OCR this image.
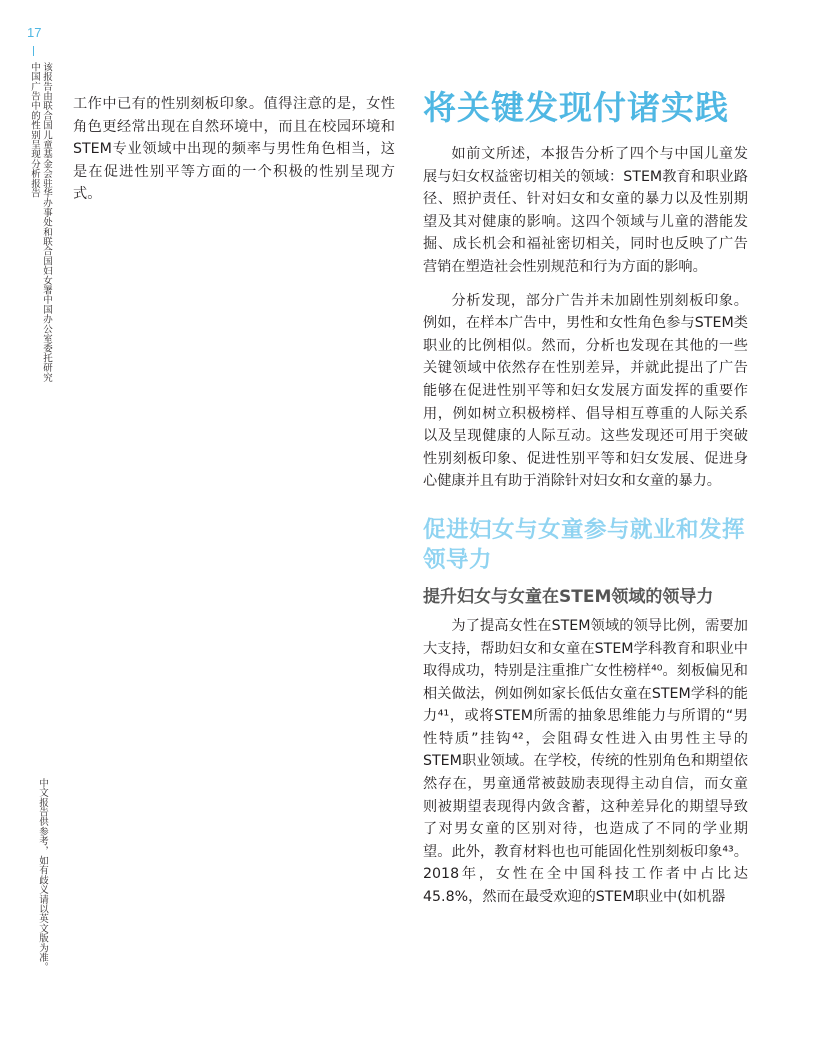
17
中国广告中的性别呈现分析报告 该报告由联合国儿童基金会驻华办事处和联合国妇女署中国办公室委托研究
中文报告供参考，如有歧义请以英文版为准。

工作中已有的性别刻板印象。值得注意的是，女性角色更经常出现在自然环境中，而且在校园环境和STEM专业领域中出现的频率与男性角色相当，这是在促进性别平等方面的一个积极的性别呈现方式。

将关键发现付诸实践

如前文所述，本报告分析了四个与中国儿童发展与妇女权益密切相关的领域：STEM教育和职业路径、照护责任、针对妇女和女童的暴力以及性别期望及其对健康的影响。这四个领域与儿童的潜能发掘、成长机会和福祉密切相关，同时也反映了广告营销在塑造社会性别规范和行为方面的影响。

分析发现，部分广告并未加剧性别刻板印象。例如，在样本广告中，男性和女性角色参与STEM类职业的比例相似。然而，分析也发现在其他的一些关键领域中依然存在性别差异，并就此提出了广告能够在促进性别平等和妇女发展方面发挥的重要作用，例如树立积极榜样、倡导相互尊重的人际关系以及呈现健康的人际互动。这些发现还可用于突破性别刻板印象、促进性别平等和妇女发展、促进身心健康并且有助于消除针对妇女和女童的暴力。

促进妇女与女童参与就业和发挥领导力
提升妇女与女童在STEM领域的领导力

为了提高女性在STEM领域的领导比例，需要加大支持，帮助妇女和女童在STEM学科教育和职业中取得成功，特别是注重推广女性榜样⁴⁰。刻板偏见和相关做法，例如例如家长低估女童在STEM学科的能力⁴¹，或将STEM所需的抽象思维能力与所谓的“男性特质”挂钩⁴²，会阻碍女性进入由男性主导的STEM职业领域。在学校，传统的性别角色和期望依然存在，男童通常被鼓励表现得主动自信，而女童则被期望表现得内敛含蓄，这种差异化的期望导致了对男女童的区别对待，也造成了不同的学业期望。此外，教育材料也也可能固化性别刻板印象⁴³。2018年，女性在全中国科技工作者中占比达45.8%，然而在最受欢迎的STEM职业中(如机器
